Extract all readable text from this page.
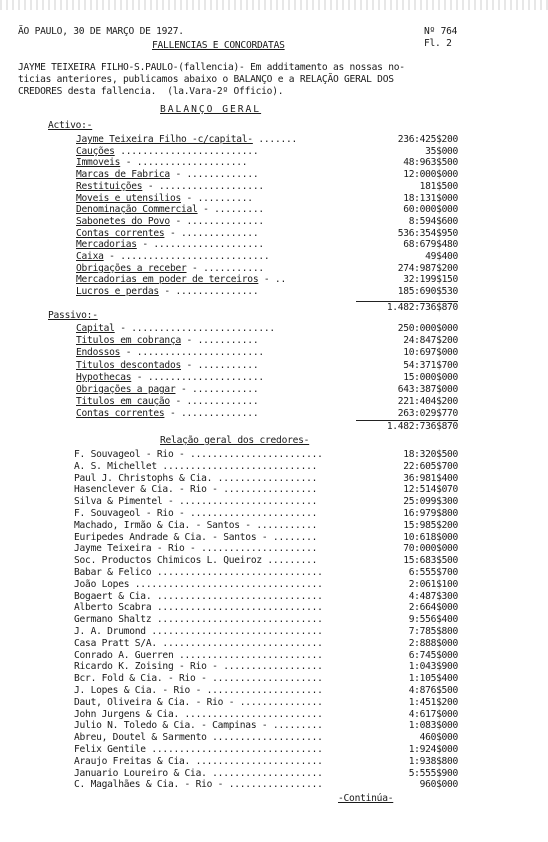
ÃO PAULO, 30 DE MARÇO DE 1927.	Nº 764
FALLENCIAS E CONCORDATAS	Fl. 2
JAYME TEIXEIRA FILHO-S.PAULO-(fallencia)- Em additamento as nossas no-
ticias anteriores, publicamos abaixo o BALANÇO e a RELAÇÃO GERAL DOS
CREDORES desta fallencia.  (la.Vara-2º Officio).
BALANÇO GERAL
Activo:-
Jayme Teixeira Filho -c/capital- .......	236:425$200
Cauções .........................	35$000
Immoveis - ....................	48:963$500
Marcas de Fabrica - .............	12:000$000
Restituições - ...................	181$500
Moveis e utensilios - ..........	18:131$000
Denominação Commercial - .........	60:000$000
Sabonetes do Povo - ..............	8:594$600
Contas correntes - ..............	536:354$950
Mercadorias - ....................	68:679$480
Caixa - ...........................	49$400
Obrigações a receber - ...........	274:987$200
Mercadorias em poder de terceiros - ..	32:199$150
Lucros e perdas - ...............	185:690$530
1.482:736$870
Passivo:-
Capital - ..........................	250:000$000
Titulos em cobrança - ...........	24:847$200
Endossos - .......................	10:697$000
Titulos descontados - ...........	54:371$700
Hypothecas - .....................	15:000$000
Obrigações a pagar - ............	643:387$000
Titulos em caução - .............	221:404$200
Contas correntes - ..............	263:029$770
1.482:736$870
Relação geral dos credores-
F. Souvageol - Rio - ........................	18:320$500
A. S. Michellet ............................	22:605$700
Paul J. Christophs & Cia. ..................	36:981$400
Hasenclever & Cia. - Rio - .................	12:514$070
Silva & Pimentel - .........................	25:099$300
F. Souvageol - Rio - .......................	16:979$800
Machado, Irmão & Cia. - Santos - ...........	15:985$200
Euripedes Andrade & Cia. - Santos - ........	10:618$000
Jayme Teixeira - Rio - .....................	70:000$000
Soc. Productos Chimicos L. Queiroz .........	15:683$500
Babar & Felico ..............................	6:555$700
João Lopes ..................................	2:061$100
Bogaert & Cia. ..............................	4:487$300
Alberto Scabra ..............................	2:664$000
Germano Shaltz ..............................	9:556$400
J. A. Drumond ...............................	7:785$800
Casa Pratt S/A. .............................	2:888$000
Conrado A. Guerren ..........................	6:745$000
Ricardo K. Zoising - Rio - ..................	1:043$900
Bcr. Fold & Cia. - Rio - ....................	1:105$400
J. Lopes & Cia. - Rio - .....................	4:876$500
Daut, Oliveira & Cia. - Rio - ...............	1:451$200
John Jurgens & Cia. .........................	4:617$000
Julio N. Toledo & Cia. - Campinas - .........	1:083$000
Abreu, Doutel & Sarmento ....................	460$000
Felix Gentile ...............................	1:924$000
Araujo Freitas & Cia. .......................	1:938$800
Januario Loureiro & Cia. ....................	5:555$900
C. Magalhães & Cia. - Rio - .................	960$000
-Continúa-
